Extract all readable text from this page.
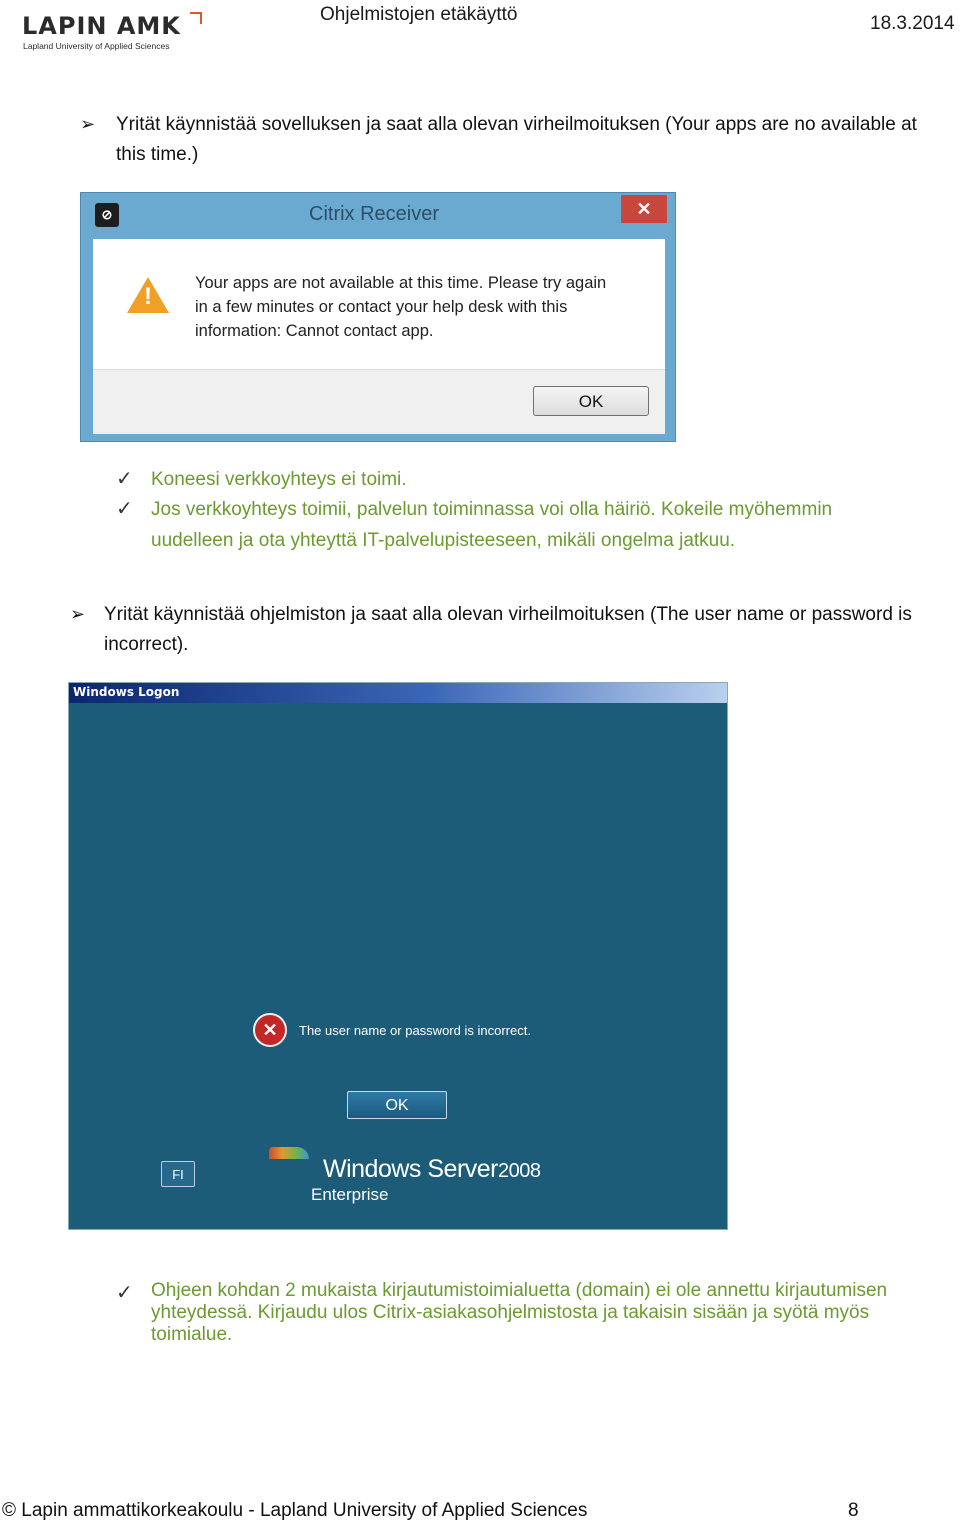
LAPIN AMK
Lapland University of Applied Sciences
Ohjelmistojen etäkäyttö	18.3.2014
➢ Yrität käynnistää sovelluksen ja saat alla olevan virheilmoituksen (Your apps are no available at
this time.)
⊘	Citrix Receiver	✕
!	Your apps are not available at this time. Please try again
in a few minutes or contact your help desk with this
information: Cannot contact app.
OK
✓ Koneesi verkkoyhteys ei toimi.
✓ Jos verkkoyhteys toimii, palvelun toiminnassa voi olla häiriö. Kokeile myöhemmin
uudelleen ja ota yhteyttä IT-palvelupisteeseen, mikäli ongelma jatkuu.
➢ Yrität käynnistää ohjelmiston ja saat alla olevan virheilmoituksen (The user name or password is
incorrect).
Windows Logon
✕	The user name or password is incorrect.
OK
FI	Windows Server2008
Enterprise
✓ Ohjeen kohdan 2 mukaista kirjautumistoimialuetta (domain) ei ole annettu kirjautumisen
yhteydessä. Kirjaudu ulos Citrix-asiakasohjelmistosta ja takaisin sisään ja syötä myös
toimialue.
© Lapin ammattikorkeakoulu - Lapland University of Applied Sciences	8
